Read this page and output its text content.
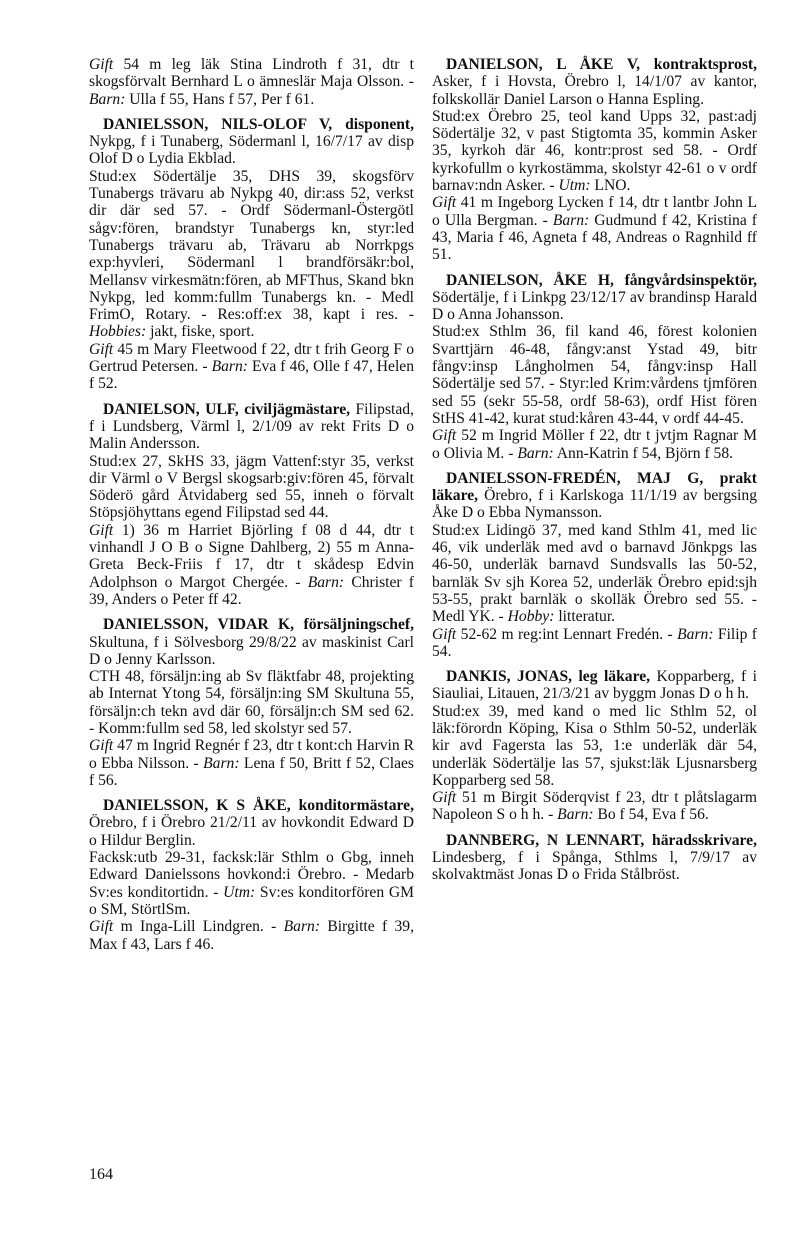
Gift 54 m leg läk Stina Lindroth f 31, dtr t skogsförvalt Bernhard L o ämneslär Maja Olsson. - Barn: Ulla f 55, Hans f 57, Per f 61.
DANIELSSON, NILS-OLOF V, disponent, Nykpg, f i Tunaberg, Södermanl l, 16/7/17 av disp Olof D o Lydia Ekblad.
Stud:ex Södertälje 35, DHS 39, skogsförv Tunabergs trävaru ab Nykpg 40, dir:ass 52, verkst dir där sed 57. - Ordf Södermanl-Östergötl sågv:fören, brandstyr Tunabergs kn, styr:led Tunabergs trävaru ab, Trävaru ab Norrkpgs exp:hyvleri, Södermanl l brandförsäkr:bol, Mellansv virkesmätn:fören, ab MFThus, Skand bkn Nykpg, led komm:fullm Tunabergs kn. - Medl FrimO, Rotary. - Res:off:ex 38, kapt i res. - Hobbies: jakt, fiske, sport.
Gift 45 m Mary Fleetwood f 22, dtr t frih Georg F o Gertrud Petersen. - Barn: Eva f 46, Olle f 47, Helen f 52.
DANIELSON, ULF, civiljägmästare, Filipstad, f i Lundsberg, Värml l, 2/1/09 av rekt Frits D o Malin Andersson.
Stud:ex 27, SkHS 33, jägm Vattenf:styr 35, verkst dir Värml o V Bergsl skogsarb:giv:fören 45, förvalt Söderö gård Åtvidaberg sed 55, inneh o förvalt Stöpsjöhyttans egend Filipstad sed 44.
Gift 1) 36 m Harriet Björling f 08 d 44, dtr t vinhandl J O B o Signe Dahlberg, 2) 55 m Anna-Greta Beck-Friis f 17, dtr t skådesp Edvin Adolphson o Margot Chergée. - Barn: Christer f 39, Anders o Peter ff 42.
DANIELSSON, VIDAR K, försäljningschef, Skultuna, f i Sölvesborg 29/8/22 av maskinist Carl D o Jenny Karlsson.
CTH 48, försäljn:ing ab Sv fläktfabr 48, projekting ab Internat Ytong 54, försäljn:ing SM Skultuna 55, försäljn:ch tekn avd där 60, försäljn:ch SM sed 62. - Komm:fullm sed 58, led skolstyr sed 57.
Gift 47 m Ingrid Regnér f 23, dtr t kont:ch Harvin R o Ebba Nilsson. - Barn: Lena f 50, Britt f 52, Claes f 56.
DANIELSSON, K S ÅKE, konditormästare, Örebro, f i Örebro 21/2/11 av hovkondit Edward D o Hildur Berglin.
Facksk:utb 29-31, facksk:lär Sthlm o Gbg, inneh Edward Danielssons hovkond:i Örebro. - Medarb Sv:es konditortidn. - Utm: Sv:es konditorfören GM o SM, StörtlSm.
Gift m Inga-Lill Lindgren. - Barn: Birgitte f 39, Max f 43, Lars f 46.
DANIELSON, L ÅKE V, kontraktsprost, Asker, f i Hovsta, Örebro l, 14/1/07 av kantor, folkskollär Daniel Larson o Hanna Espling.
Stud:ex Örebro 25, teol kand Upps 32, past:adj Södertälje 32, v past Stigtomta 35, kommin Asker 35, kyrkoh där 46, kontr:prost sed 58. - Ordf kyrkofullm o kyrkostämma, skolstyr 42-61 o v ordf barnav:ndn Asker. - Utm: LNO.
Gift 41 m Ingeborg Lycken f 14, dtr t lantbr John L o Ulla Bergman. - Barn: Gudmund f 42, Kristina f 43, Maria f 46, Agneta f 48, Andreas o Ragnhild ff 51.
DANIELSON, ÅKE H, fångvårdsinspektör, Södertälje, f i Linkpg 23/12/17 av brandinsp Harald D o Anna Johansson.
Stud:ex Sthlm 36, fil kand 46, förest kolonien Svarttjärn 46-48, fångv:anst Ystad 49, bitr fångv:insp Långholmen 54, fångv:insp Hall Södertälje sed 57. - Styr:led Krim:vårdens tjmfören sed 55 (sekr 55-58, ordf 58-63), ordf Hist fören StHS 41-42, kurat stud:kåren 43-44, v ordf 44-45.
Gift 52 m Ingrid Möller f 22, dtr t jvtjm Ragnar M o Olivia M. - Barn: Ann-Katrin f 54, Björn f 58.
DANIELSSON-FREDÉN, MAJ G, prakt läkare, Örebro, f i Karlskoga 11/1/19 av bergsing Åke D o Ebba Nymansson.
Stud:ex Lidingö 37, med kand Sthlm 41, med lic 46, vik underläk med avd o barnavd Jönkpgs las 46-50, underläk barnavd Sundsvalls las 50-52, barnläk Sv sjh Korea 52, underläk Örebro epid:sjh 53-55, prakt barnläk o skolläk Örebro sed 55. - Medl YK. - Hobby: litteratur.
Gift 52-62 m reg:int Lennart Fredén. - Barn: Filip f 54.
DANKIS, JONAS, leg läkare, Kopparberg, f i Siauliai, Litauen, 21/3/21 av byggm Jonas D o h h.
Stud:ex 39, med kand o med lic Sthlm 52, ol läk:förordn Köping, Kisa o Sthlm 50-52, underläk kir avd Fagersta las 53, 1:e underläk där 54, underläk Södertälje las 57, sjukst:läk Ljusnarsberg Kopparberg sed 58.
Gift 51 m Birgit Söderqvist f 23, dtr t plåtslagarm Napoleon S o h h. - Barn: Bo f 54, Eva f 56.
DANNBERG, N LENNART, häradsskrivare, Lindesberg, f i Spånga, Sthlms l, 7/9/17 av skolvaktmäst Jonas D o Frida Stålbröst.
164
